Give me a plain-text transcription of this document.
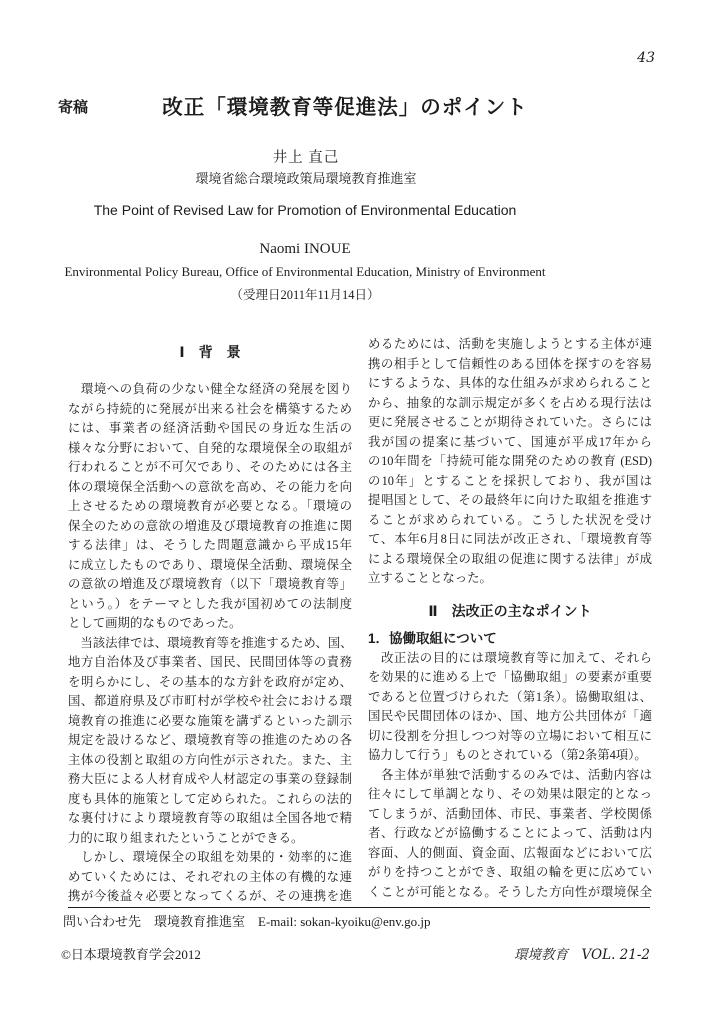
43
寄稿	改正「環境教育等促進法」のポイント
井上 直己
環境省総合環境政策局環境教育推進室
The Point of Revised Law for Promotion of Environmental Education
Naomi INOUE
Environmental Policy Bureau, Office of Environmental Education, Ministry of Environment
（受理日2011年11月14日）
Ⅰ　背　景
　環境への負荷の少ない健全な経済の発展を図り
ながら持続的に発展が出来る社会を構築するため
には、事業者の経済活動や国民の身近な生活の
様々な分野において、自発的な環境保全の取組が
行われることが不可欠であり、そのためには各主
体の環境保全活動への意欲を高め、その能力を向
上させるための環境教育が必要となる。「環境の
保全のための意欲の増進及び環境教育の推進に関
する法律」は、そうした問題意識から平成15年
に成立したものであり、環境保全活動、環境保全
の意欲の増進及び環境教育（以下「環境教育等」
という。）をテーマとした我が国初めての法制度
として画期的なものであった。
　当該法律では、環境教育等を推進するため、国、
地方自治体及び事業者、国民、民間団体等の責務
を明らかにし、その基本的な方針を政府が定め、
国、都道府県及び市町村が学校や社会における環
境教育の推進に必要な施策を講ずるといった訓示
規定を設けるなど、環境教育等の推進のための各
主体の役割と取組の方向性が示された。また、主
務大臣による人材育成や人材認定の事業の登録制
度も具体的施策として定められた。これらの法的
な裏付けにより環境教育等の取組は全国各地で精
力的に取り組まれたということができる。
　しかし、環境保全の取組を効果的・効率的に進
めていくためには、それぞれの主体の有機的な連
携が今後益々必要となってくるが、その連携を進
めるためには、活動を実施しようとする主体が連
携の相手として信頼性のある団体を探すのを容易
にするような、具体的な仕組みが求められること
から、抽象的な訓示規定が多くを占める現行法は
更に発展させることが期待されていた。さらには
我が国の提案に基づいて、国連が平成17年から
の10年間を「持続可能な開発のための教育 (ESD)
の10年」とすることを採択しており、我が国は
提唱国として、その最終年に向けた取組を推進す
ることが求められている。こうした状況を受け
て、本年6月8日に同法が改正され、「環境教育等
による環境保全の取組の促進に関する法律」が成
立することとなった。
Ⅱ　法改正の主なポイント
1．協働取組について
　改正法の目的には環境教育等に加えて、それら
を効果的に進める上で「協働取組」の要素が重要
であると位置づけられた（第1条）。協働取組は、
国民や民間団体のほか、国、地方公共団体が「適
切に役割を分担しつつ対等の立場において相互に
協力して行う」ものとされている（第2条第4項）。
　各主体が単独で活動するのみでは、活動内容は
往々にして単調となり、その効果は限定的となっ
てしまうが、活動団体、市民、事業者、学校関係
者、行政などが協働することによって、活動は内
容面、人的側面、資金面、広報面などにおいて広
がりを持つことができ、取組の輪を更に広めてい
くことが可能となる。そうした方向性が環境保全
問い合わせ先　環境教育推進室　E-mail: sokan-kyoiku@env.go.jp
©日本環境教育学会2012	環境教育　VOL. 21-2
